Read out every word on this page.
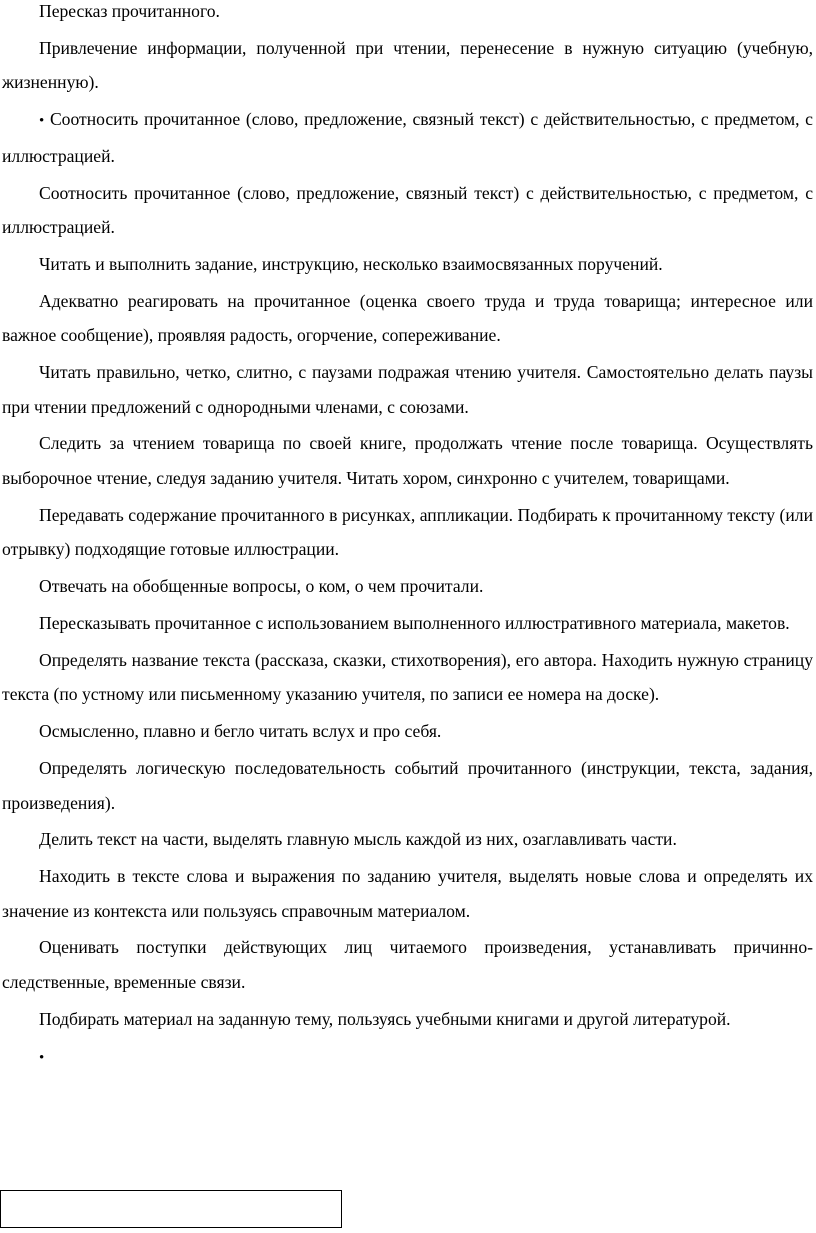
Пересказ прочитанного.

Привлечение информации, полученной при чтении, перенесение в нужную ситуацию (учебную, жизненную).

• Соотносить прочитанное (слово, предложение, связный текст) с действительностью, с предметом, с иллюстрацией.

Соотносить прочитанное (слово, предложение, связный текст) с действительностью, с предметом, с иллюстрацией.

Читать и выполнить задание, инструкцию, несколько взаимосвязанных поручений.

Адекватно реагировать на прочитанное (оценка своего труда и труда товарища; интересное или важное сообщение), проявляя радость, огорчение, сопереживание.

Читать правильно, четко, слитно, с паузами подражая чтению учителя. Самостоятельно делать паузы при чтении предложений с однородными членами, с союзами.

Следить за чтением товарища по своей книге, продолжать чтение после товарища. Осуществлять выборочное чтение, следуя заданию учителя. Читать хором, синхронно с учителем, товарищами.

Передавать содержание прочитанного в рисунках, аппликации. Подбирать к прочитанному тексту (или отрывку) подходящие готовые иллюстрации.

Отвечать на обобщенные вопросы, о ком, о чем прочитали.

Пересказывать прочитанное с использованием выполненного иллюстративного материала, макетов.

Определять название текста (рассказа, сказки, стихотворения), его автора. Находить нужную страницу текста (по устному или письменному указанию учителя, по записи ее номера на доске).

Осмысленно, плавно и бегло читать вслух и про себя.

Определять логическую последовательность событий прочитанного (инструкции, текста, задания, произведения).

Делить текст на части, выделять главную мысль каждой из них, озаглавливать части.

Находить в тексте слова и выражения по заданию учителя, выделять новые слова и определять их значение из контекста или пользуясь справочным материалом.

Оценивать поступки действующих лиц читаемого произведения, устанавливать причинно-следственные, временные связи.

Подбирать материал на заданную тему, пользуясь учебными книгами и другой литературой.

•
